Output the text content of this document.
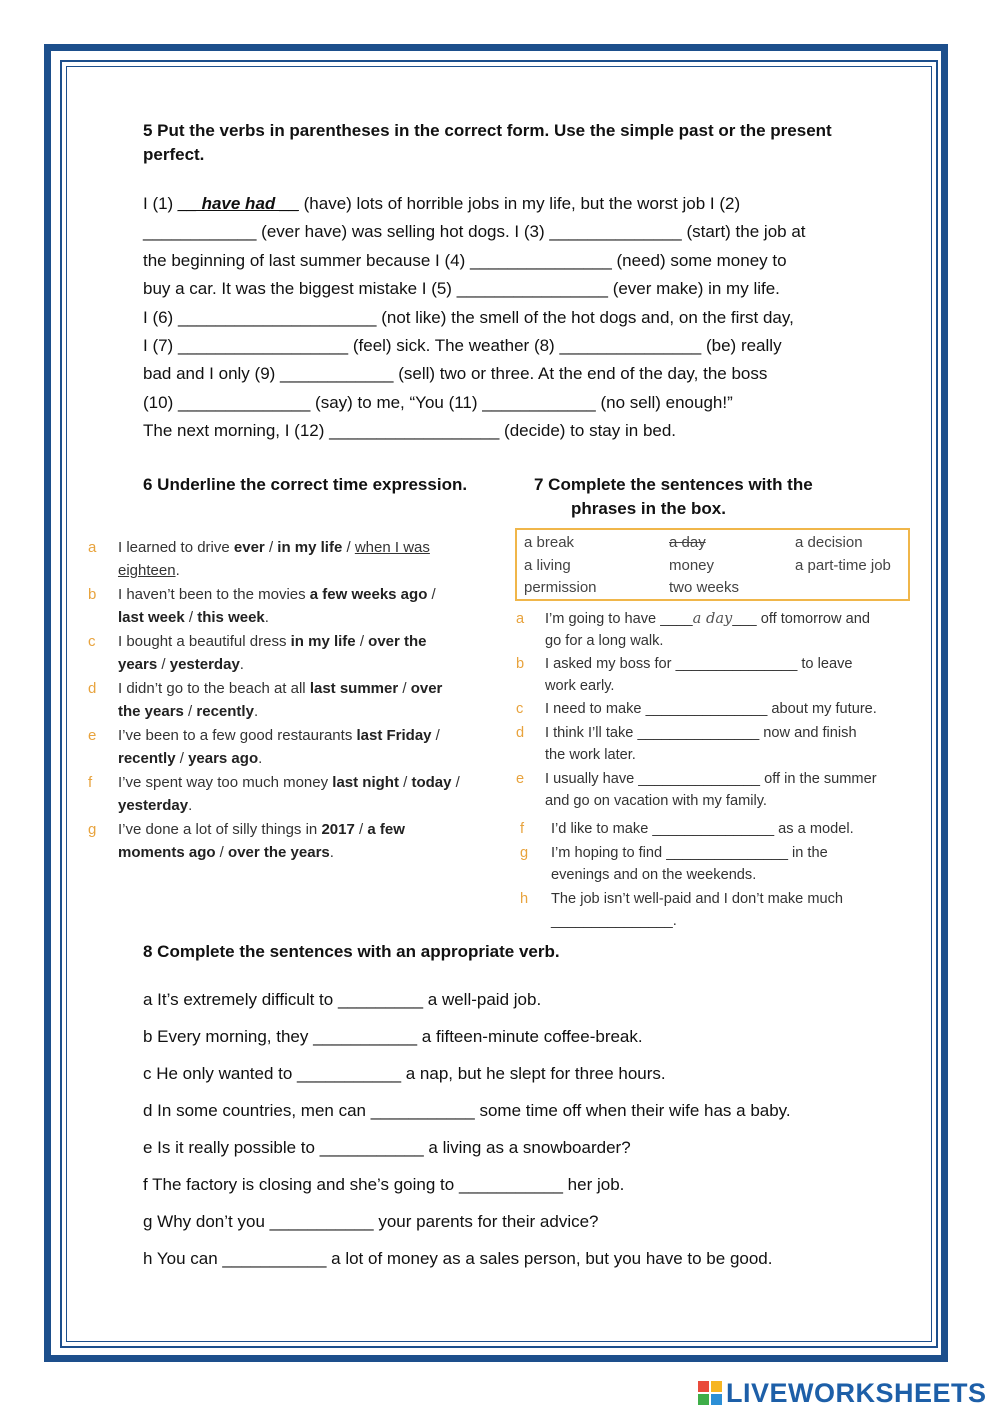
5 Put the verbs in parentheses in the correct form. Use the simple past or the present
perfect.
I (1) __ have had __ (have) lots of horrible jobs in my life, but the worst job I (2)
____________ (ever have) was selling hot dogs. I (3) ______________ (start) the job at
the beginning of last summer because I (4) _______________ (need) some money to
buy a car. It was the biggest mistake I (5) ________________ (ever make) in my life.
I (6) _____________________ (not like) the smell of the hot dogs and, on the first day,
I (7) __________________ (feel) sick. The weather (8) _______________ (be) really
bad and I only (9) ____________ (sell) two or three. At the end of the day, the boss
(10) ______________ (say) to me, “You (11) ____________ (no sell) enough!”
The next morning, I (12) __________________ (decide) to stay in bed.
6 Underline the correct time expression.
a I learned to drive ever / in my life / when I was
eighteen.
b I haven’t been to the movies a few weeks ago /
last week / this week.
c I bought a beautiful dress in my life / over the
years / yesterday.
d I didn’t go to the beach at all last summer / over
the years / recently.
e I’ve been to a few good restaurants last Friday /
recently / years ago.
f I’ve spent way too much money last night / today /
yesterday.
g I’ve done a lot of silly things in 2017 / a few
moments ago / over the years.
7 Complete the sentences with the
phrases in the box.
a break	a day	a decision
a living	money	a part-time job
permission	two weeks
a I’m going to have ____a day___ off tomorrow and
go for a long walk.
b I asked my boss for _______________ to leave
work early.
c I need to make _______________ about my future.
d I think I’ll take _______________ now and finish
the work later.
e I usually have _______________ off in the summer
and go on vacation with my family.
f I’d like to make _______________ as a model.
g I’m hoping to find _______________ in the
evenings and on the weekends.
h The job isn’t well-paid and I don’t make much
_______________.
8 Complete the sentences with an appropriate verb.
a It’s extremely difficult to _________ a well-paid job.
b Every morning, they ___________ a fifteen-minute coffee-break.
c He only wanted to ___________ a nap, but he slept for three hours.
d In some countries, men can ___________ some time off when their wife has a baby.
e Is it really possible to ___________ a living as a snowboarder?
f The factory is closing and she’s going to ___________ her job.
g Why don’t you ___________ your parents for their advice?
h You can ___________ a lot of money as a sales person, but you have to be good.
LIVEWORKSHEETS
